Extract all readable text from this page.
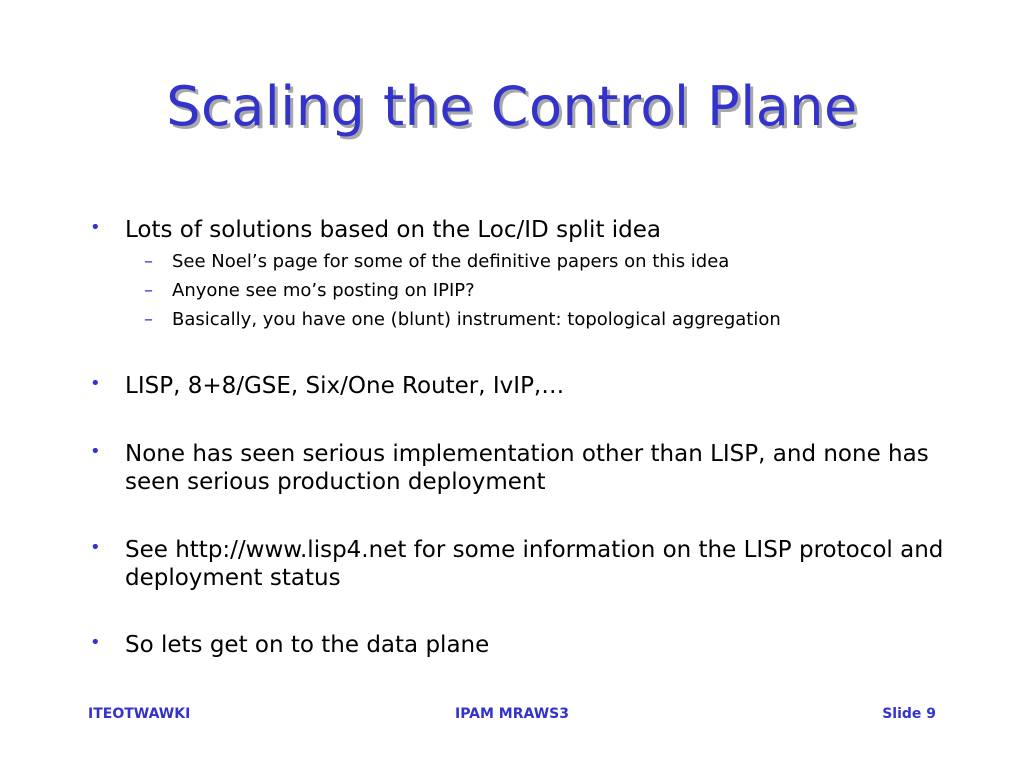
Scaling the Control Plane
•	Lots of solutions based on the Loc/ID split idea
– See Noel’s page for some of the definitive papers on this idea
– Anyone see mo’s posting on IPIP?
– Basically, you have one (blunt) instrument: topological aggregation
•	LISP, 8+8/GSE, Six/One Router, IvIP,…
•	None has seen serious implementation other than LISP, and none has seen serious production deployment
•	See http://www.lisp4.net for some information on the LISP protocol and deployment status
•	So lets get on to the data plane
ITEOTWAWKI	IPAM MRAWS3	Slide 9
